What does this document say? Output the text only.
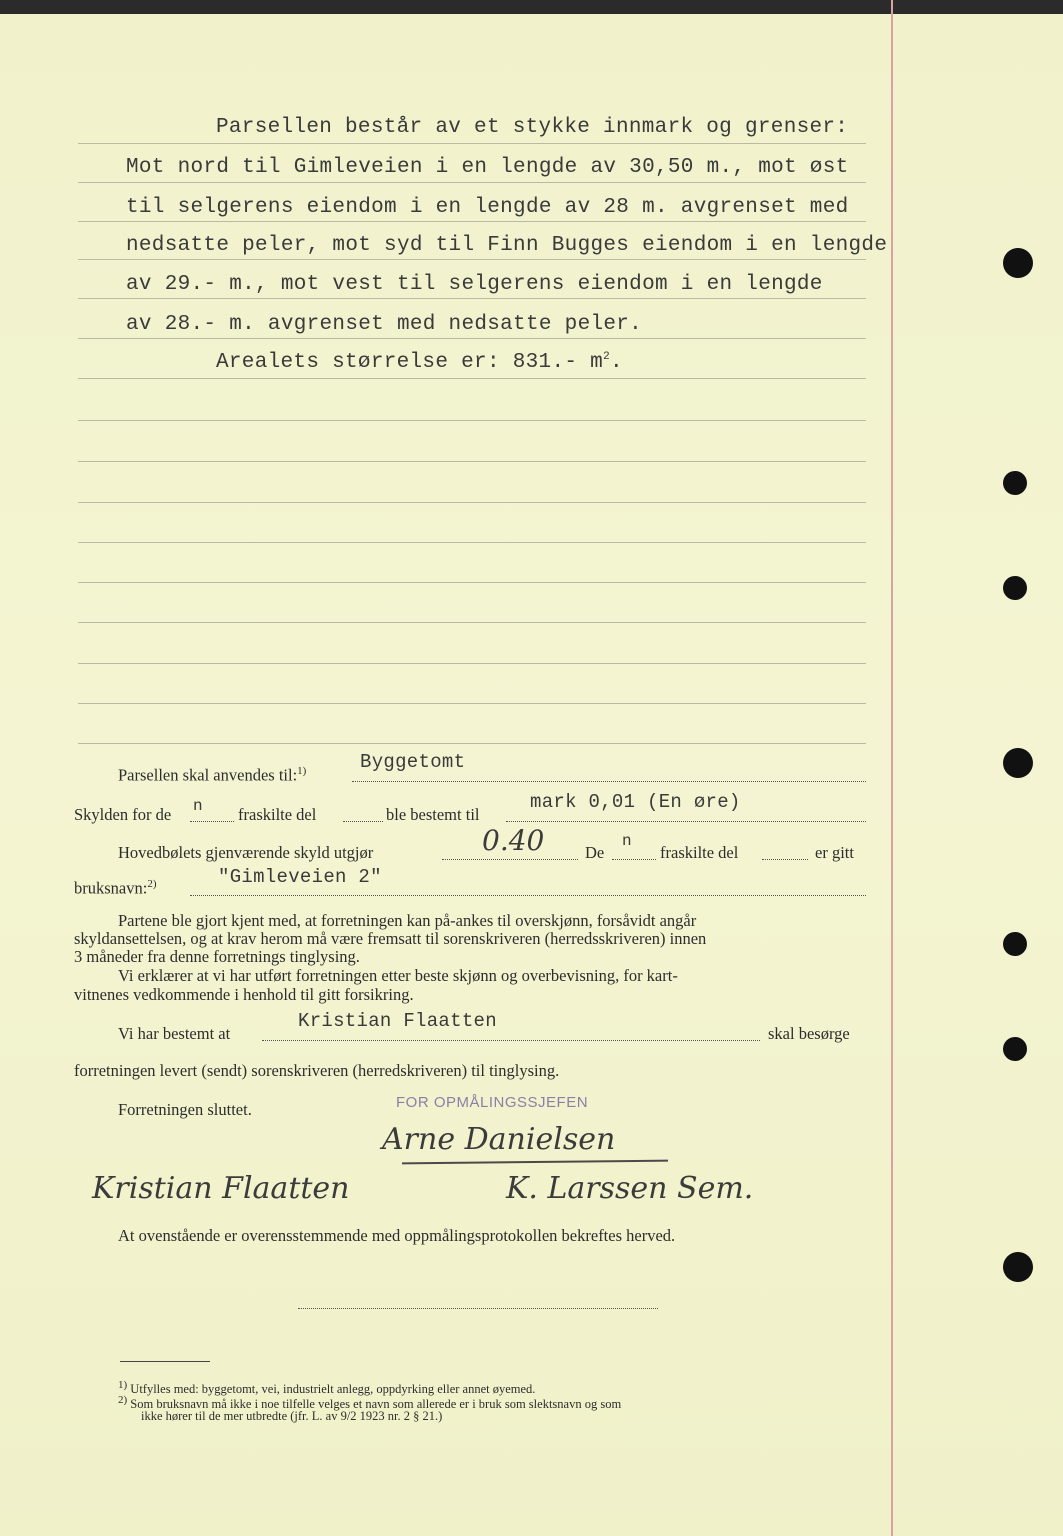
Parsellen består av et stykke innmark og grenser:
Mot nord til Gimleveien i en lengde av 30,50 m., mot øst
til selgerens eiendom i en lengde av 28 m. avgrenset med
nedsatte peler, mot syd til Finn Bugges eiendom i en lengde
av 29.- m., mot vest til selgerens eiendom i en lengde
av 28.- m. avgrenset med nedsatte peler.
Arealets størrelse er: 831.- $m^2$.
Parsellen skal anvendes til:$^{1)}$	Byggetomt
Skylden for de n fraskilte del	ble bestemt til
mark 0,01 (En øre)
Hovedbølets gjenværende skyld utgjør	0.40 De
n
fraskilte del	er gitt
bruksnavn:$^{2)}$	"Gimleveien 2"
Partene ble gjort kjent med, at forretningen kan på-ankes til overskjønn, forsåvidt angår
skyldansettelsen, og at krav herom må være fremsatt til sorenskriveren (herredsskriveren) innen
3 måneder fra denne forretnings tinglysing.
Vi erklærer at vi har utført forretningen etter beste skjønn og overbevisning, for kart-
vitnenes vedkommende i henhold til gitt forsikring.
Vi har bestemt at
Kristian Flaatten
skal besørge
forretningen levert (sendt) sorenskriveren (herredskriveren) til tinglysing.
Forretningen sluttet.	FOR OPMÅLINGSSJEFEN
Arne Danielsen
Kristian Flaatten	K. Larssen Sem.
At ovenstående er overensstemmende med oppmålingsprotokollen bekreftes herved.
1) Utfylles med: byggetomt, vei, industrielt anlegg, oppdyrking eller annet øyemed.
2) Som bruksnavn må ikke i noe tilfelle velges et navn som allerede er i bruk som slektsnavn og som
ikke hører til de mer utbredte (jfr. L. av 9/2 1923 nr. 2 § 21.)
